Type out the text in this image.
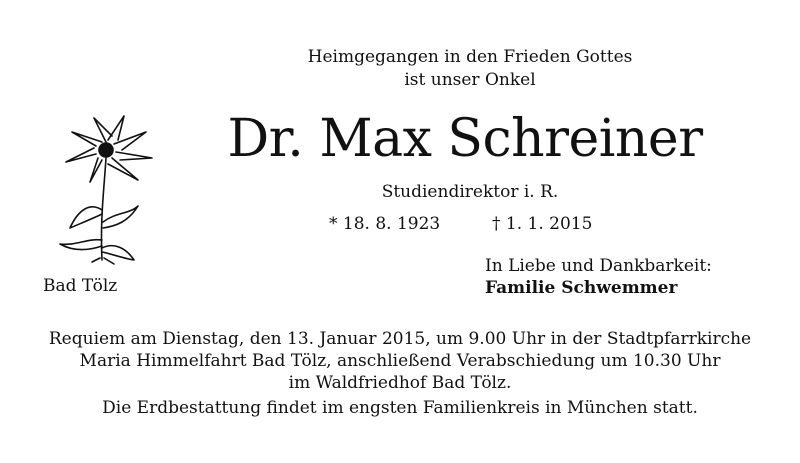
Heimgegangen in den Frieden Gottes
ist unser Onkel
Dr. Max Schreiner
Studiendirektor i. R.
* 18. 8. 1923	† 1. 1. 2015
Bad Tölz
In Liebe und Dankbarkeit:
Familie Schwemmer
Requiem am Dienstag, den 13. Januar 2015, um 9.00 Uhr in der Stadtpfarrkirche
Maria Himmelfahrt Bad Tölz, anschließend Verabschiedung um 10.30 Uhr
im Waldfriedhof Bad Tölz.
Die Erdbestattung findet im engsten Familienkreis in München statt.
